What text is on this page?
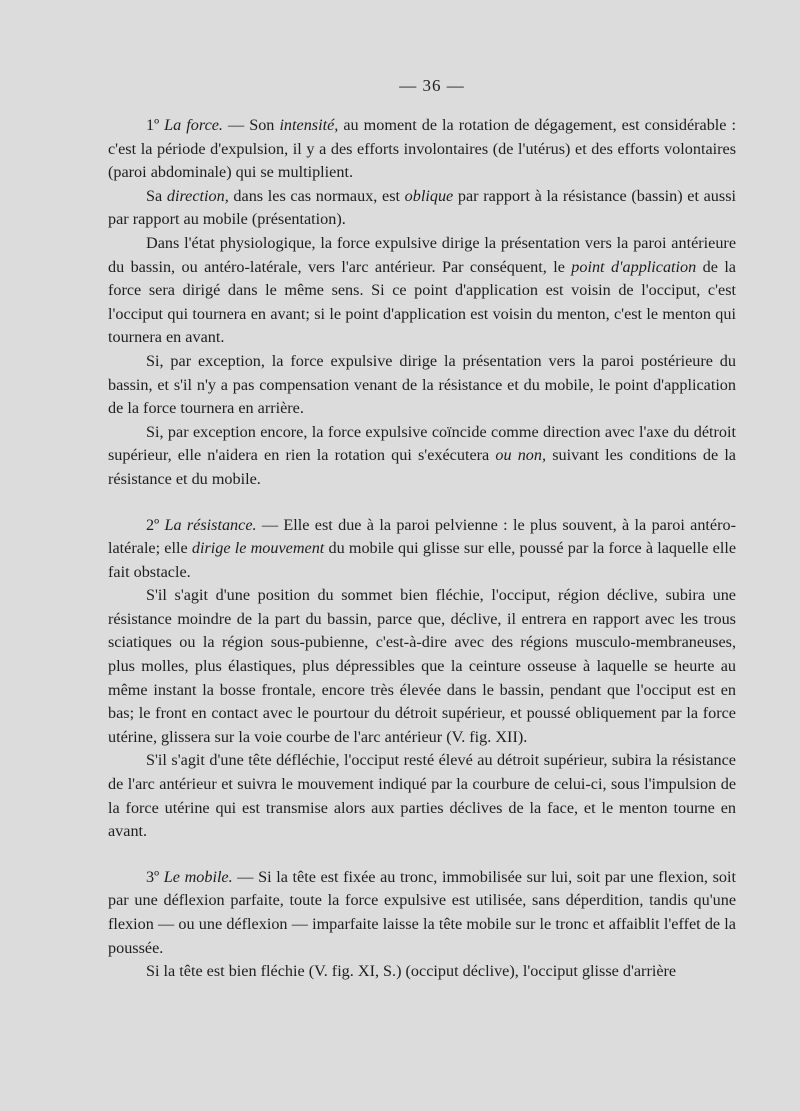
— 36 —

1º La force. — Son intensité, au moment de la rotation de dégagement, est considérable : c'est la période d'expulsion, il y a des efforts involontaires (de l'utérus) et des efforts volontaires (paroi abdominale) qui se multiplient.

Sa direction, dans les cas normaux, est oblique par rapport à la résistance (bassin) et aussi par rapport au mobile (présentation).

Dans l'état physiologique, la force expulsive dirige la présentation vers la paroi antérieure du bassin, ou antéro-latérale, vers l'arc antérieur. Par conséquent, le point d'application de la force sera dirigé dans le même sens. Si ce point d'application est voisin de l'occiput, c'est l'occiput qui tournera en avant; si le point d'application est voisin du menton, c'est le menton qui tournera en avant.

Si, par exception, la force expulsive dirige la présentation vers la paroi postérieure du bassin, et s'il n'y a pas compensation venant de la résistance et du mobile, le point d'application de la force tournera en arrière.

Si, par exception encore, la force expulsive coïncide comme direction avec l'axe du détroit supérieur, elle n'aidera en rien la rotation qui s'exécutera ou non, suivant les conditions de la résistance et du mobile.

2º La résistance. — Elle est due à la paroi pelvienne : le plus souvent, à la paroi antéro-latérale; elle dirige le mouvement du mobile qui glisse sur elle, poussé par la force à laquelle elle fait obstacle.

S'il s'agit d'une position du sommet bien fléchie, l'occiput, région déclive, subira une résistance moindre de la part du bassin, parce que, déclive, il entrera en rapport avec les trous sciatiques ou la région sous-pubienne, c'est-à-dire avec des régions musculo-membraneuses, plus molles, plus élastiques, plus dépressibles que la ceinture osseuse à laquelle se heurte au même instant la bosse frontale, encore très élevée dans le bassin, pendant que l'occiput est en bas; le front en contact avec le pourtour du détroit supérieur, et poussé obliquement par la force utérine, glissera sur la voie courbe de l'arc antérieur (V. fig. XII).

S'il s'agit d'une tête défléchie, l'occiput resté élevé au détroit supérieur, subira la résistance de l'arc antérieur et suivra le mouvement indiqué par la courbure de celui-ci, sous l'impulsion de la force utérine qui est transmise alors aux parties déclives de la face, et le menton tourne en avant.

3º Le mobile. — Si la tête est fixée au tronc, immobilisée sur lui, soit par une flexion, soit par une déflexion parfaite, toute la force expulsive est utilisée, sans déperdition, tandis qu'une flexion — ou une déflexion — imparfaite laisse la tête mobile sur le tronc et affaiblit l'effet de la poussée.

Si la tête est bien fléchie (V. fig. XI, S.) (occiput déclive), l'occiput glisse d'arrière
